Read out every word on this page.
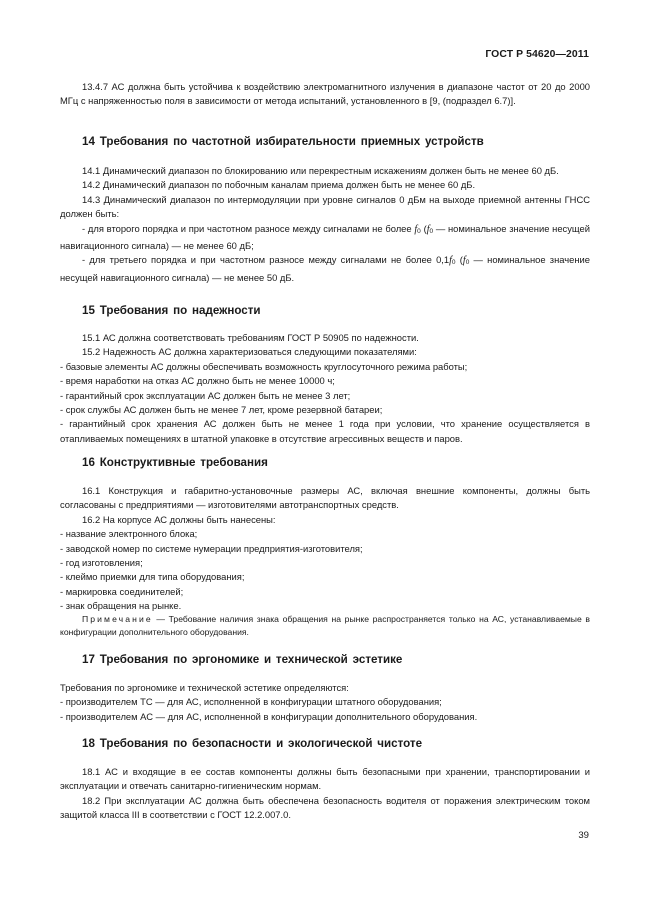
ГОСТ Р 54620—2011

13.4.7 АС должна быть устойчива к воздействию электромагнитного излучения в диапазоне частот от 20 до 2000 МГц с напряженностью поля в зависимости от метода испытаний, установленного в [9, (подраздел 6.7)].

14 Требования по частотной избирательности приемных устройств

14.1 Динамический диапазон по блокированию или перекрестным искажениям должен быть не менее 60 дБ.

14.2 Динамический диапазон по побочным каналам приема должен быть не менее 60 дБ.

14.3 Динамический диапазон по интермодуляции при уровне сигналов 0 дБм на выходе приемной антенны ГНСС должен быть:

- для второго порядка и при частотном разносе между сигналами не более $f_0$ ($f_0$ — номинальное значение несущей навигационного сигнала) — не менее 60 дБ;

- для третьего порядка и при частотном разносе между сигналами не более $0,1f_0$ ($f_0$ — номинальное значение несущей навигационного сигнала) — не менее 50 дБ.

15 Требования по надежности

15.1 АС должна соответствовать требованиям ГОСТ Р 50905 по надежности.

15.2 Надежность АС должна характеризоваться следующими показателями:

- базовые элементы АС должны обеспечивать возможность круглосуточного режима работы;

- время наработки на отказ АС должно быть не менее 10000 ч;

- гарантийный срок эксплуатации АС должен быть не менее 3 лет;

- срок службы АС должен быть не менее 7 лет, кроме резервной батареи;

- гарантийный срок хранения АС должен быть не менее 1 года при условии, что хранение осуществляется в отапливаемых помещениях в штатной упаковке в отсутствие агрессивных веществ и паров.

16 Конструктивные требования

16.1 Конструкция и габаритно-установочные размеры АС, включая внешние компоненты, должны быть согласованы с предприятиями — изготовителями автотранспортных средств.

16.2 На корпусе АС должны быть нанесены:

- название электронного блока;

- заводской номер по системе нумерации предприятия-изготовителя;

- год изготовления;

- клеймо приемки для типа оборудования;

- маркировка соединителей;

- знак обращения на рынке.

Примечание — Требование наличия знака обращения на рынке распространяется только на АС, устанавливаемые в конфигурации дополнительного оборудования.

17 Требования по эргономике и технической эстетике

Требования по эргономике и технической эстетике определяются:

- производителем ТС — для АС, исполненной в конфигурации штатного оборудования;

- производителем АС — для АС, исполненной в конфигурации дополнительного оборудования.

18 Требования по безопасности и экологической чистоте

18.1 АС и входящие в ее состав компоненты должны быть безопасными при хранении, транспортировании и эксплуатации и отвечать санитарно-гигиеническим нормам.

18.2 При эксплуатации АС должна быть обеспечена безопасность водителя от поражения электрическим током защитой класса III в соответствии с ГОСТ 12.2.007.0.

39
